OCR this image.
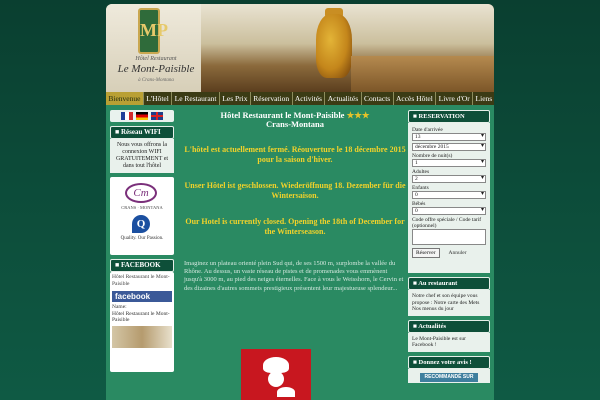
MP
Hôtel Restaurant
Le Mont-Paisible
à Crans-Montana
Bienvenue L'Hôtel Le Restaurant Les Prix Réservation Activités Actualités Contacts Accès Hôtel Livre d'Or Liens
■ Réseau WIFI
Nous vous offrons la connexion WIFI GRATUITEMENT et dans tout l'hôtel
Cm
CRANS · MONTANA
Q
Quality. Our Passion.
■ FACEBOOK
Hôtel Restaurant le Mont-Paisible
facebook
Name:
Hôtel Restaurant le Mont-Paisible
Hôtel Restaurant le Mont-Paisible ★★★
Crans-Montana
L'hôtel est actuellement fermé. Réouverture le 18 décembre 2015 pour la saison d'hiver.
Unser Hôtel ist geschlossen. Wiederöffnung 18. Dezember für die Wintersaison.
Our Hotel is currently closed. Opening the 18th of December for the Winterseason.
Imaginez un plateau orienté plein Sud qui, de ses 1500 m, surplombe la vallée du Rhône. Au dessus, un vaste réseau de pistes et de promenades vous emmènent jusqu'à 3000 m, au pied des neiges éternelles. Face à vous le Weisshorn, le Cervin et des dizaines d'autres sommets prestigieux présentent leur majestueuse splendeur...
■ RESERVATION
Date d'arrivée
13 ▾
décembre 2015 ▾
Nombre de nuit(s)
1 ▾
Adultes
2 ▾
Enfants
0 ▾
Bébés
0 ▾
Code offre spéciale / Code tarif (optionnel)
Réserver	Annuler
■ Au restaurant
Notre chef et son équipe vous propose : Notre carte des Mets Nos menus du jour
■ Actualités
Le Mont-Paisible est sur Facebook !
■ Donnez votre avis !
RECOMMANDÉ SUR
